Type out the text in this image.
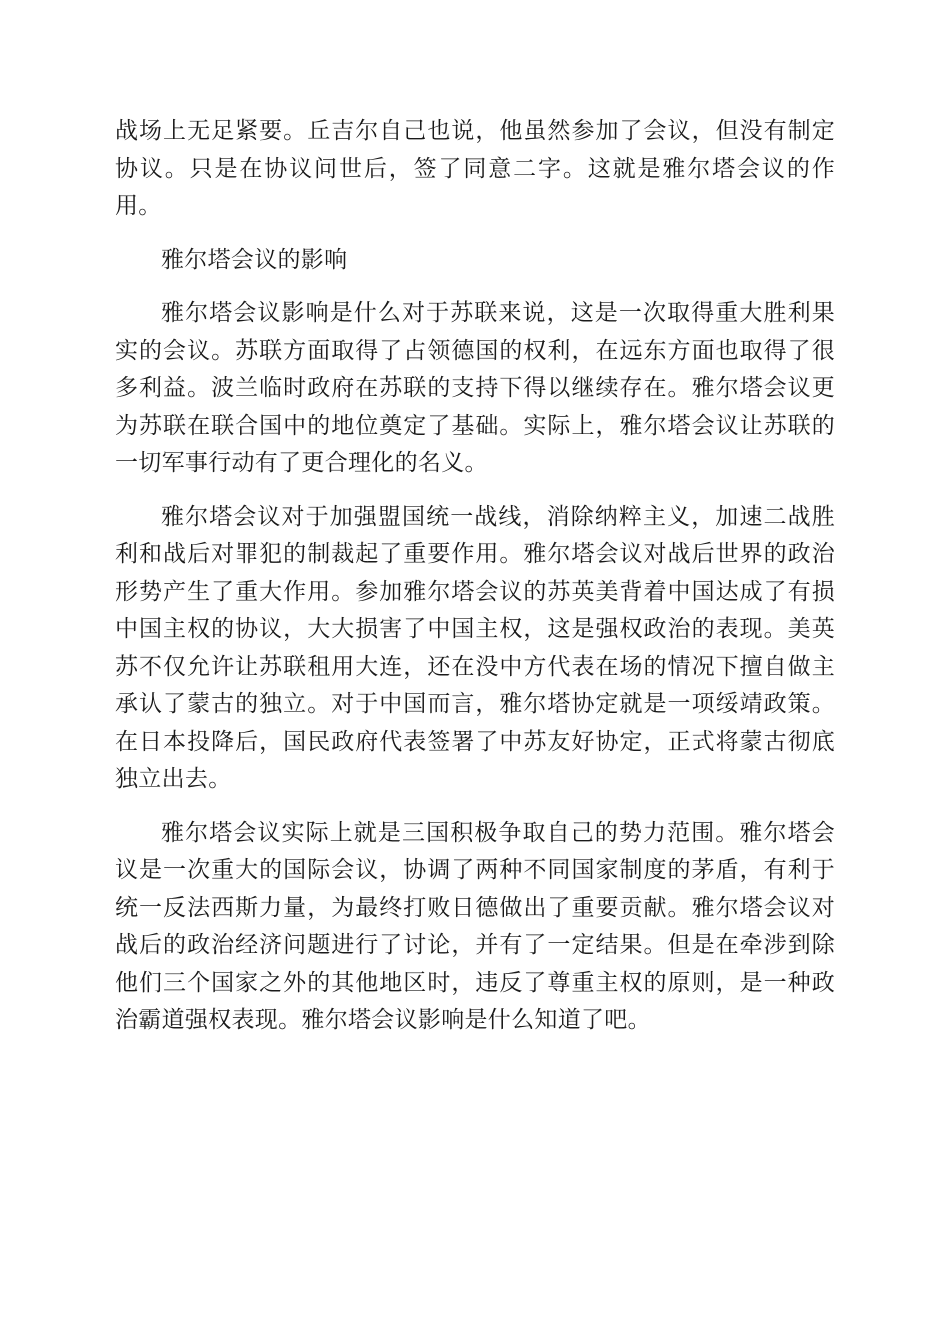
战场上无足紧要。丘吉尔自己也说，他虽然参加了会议，但没有制定协议。只是在协议问世后，签了同意二字。这就是雅尔塔会议的作用。

雅尔塔会议的影响

雅尔塔会议影响是什么对于苏联来说，这是一次取得重大胜利果实的会议。苏联方面取得了占领德国的权利，在远东方面也取得了很多利益。波兰临时政府在苏联的支持下得以继续存在。雅尔塔会议更为苏联在联合国中的地位奠定了基础。实际上，雅尔塔会议让苏联的一切军事行动有了更合理化的名义。

雅尔塔会议对于加强盟国统一战线，消除纳粹主义，加速二战胜利和战后对罪犯的制裁起了重要作用。雅尔塔会议对战后世界的政治形势产生了重大作用。参加雅尔塔会议的苏英美背着中国达成了有损中国主权的协议，大大损害了中国主权，这是强权政治的表现。美英苏不仅允许让苏联租用大连，还在没中方代表在场的情况下擅自做主承认了蒙古的独立。对于中国而言，雅尔塔协定就是一项绥靖政策。在日本投降后，国民政府代表签署了中苏友好协定，正式将蒙古彻底独立出去。

雅尔塔会议实际上就是三国积极争取自己的势力范围。雅尔塔会议是一次重大的国际会议，协调了两种不同国家制度的茅盾，有利于统一反法西斯力量，为最终打败日德做出了重要贡献。雅尔塔会议对战后的政治经济问题进行了讨论，并有了一定结果。但是在牵涉到除他们三个国家之外的其他地区时，违反了尊重主权的原则，是一种政治霸道强权表现。雅尔塔会议影响是什么知道了吧。
